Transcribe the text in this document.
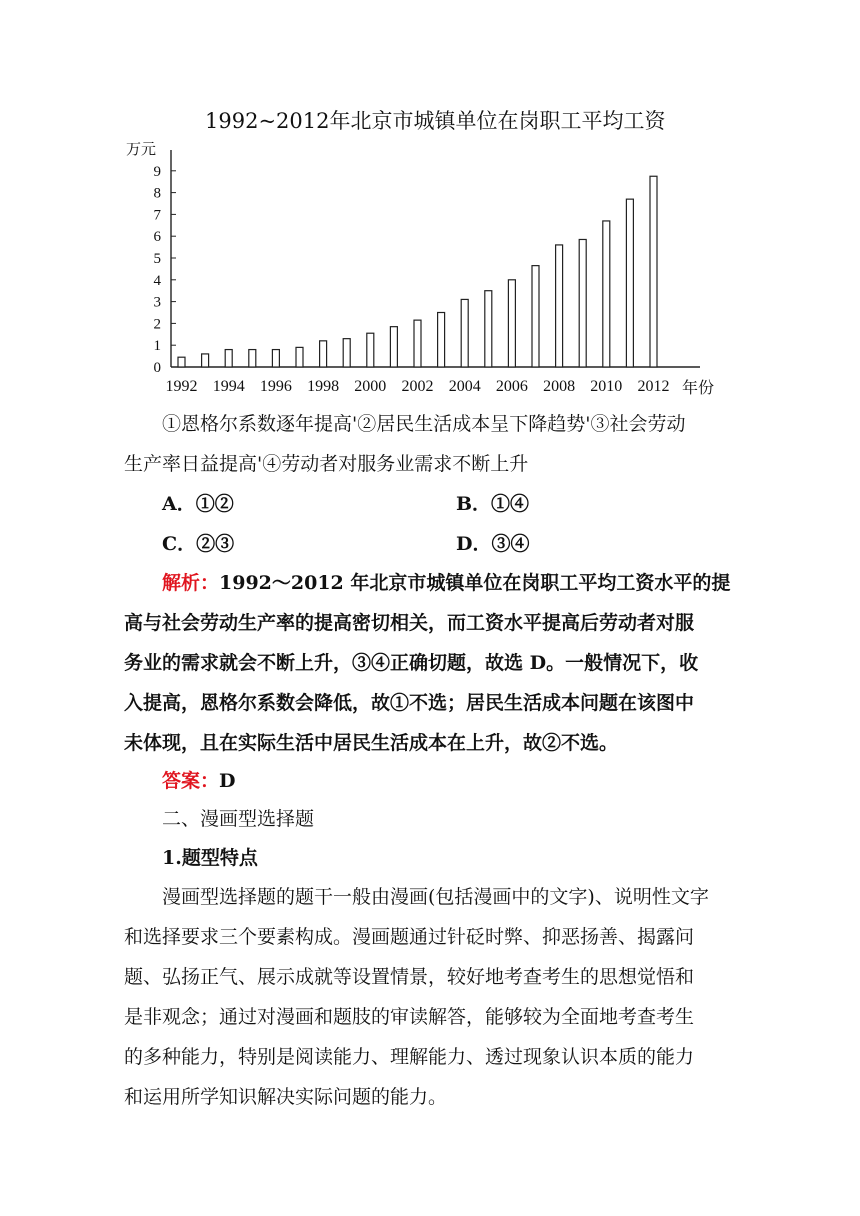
1992~2012年北京市城镇单位在岗职工平均工资
万元
年份
0
1
2
3
4
5
6
7
8
9
1992 1994 1996 1998 2000 2002 2004 2006 2008 2010 2012
①恩格尔系数逐年提高'②居民生活成本呈下降趋势'③社会劳动
生产率日益提高'④劳动者对服务业需求不断上升
A．①②	B．①④
C．②③	D．③④
解析：1992～2012 年北京市城镇单位在岗职工平均工资水平的提
高与社会劳动生产率的提高密切相关，而工资水平提高后劳动者对服
务业的需求就会不断上升，③④正确切题，故选 D。一般情况下，收
入提高，恩格尔系数会降低，故①不选；居民生活成本问题在该图中
未体现，且在实际生活中居民生活成本在上升，故②不选。
答案：D
二、漫画型选择题
1.题型特点
漫画型选择题的题干一般由漫画(包括漫画中的文字)、说明性文字
和选择要求三个要素构成。漫画题通过针砭时弊、抑恶扬善、揭露问
题、弘扬正气、展示成就等设置情景，较好地考查考生的思想觉悟和
是非观念；通过对漫画和题肢的审读解答，能够较为全面地考查考生
的多种能力，特别是阅读能力、理解能力、透过现象认识本质的能力
和运用所学知识解决实际问题的能力。
